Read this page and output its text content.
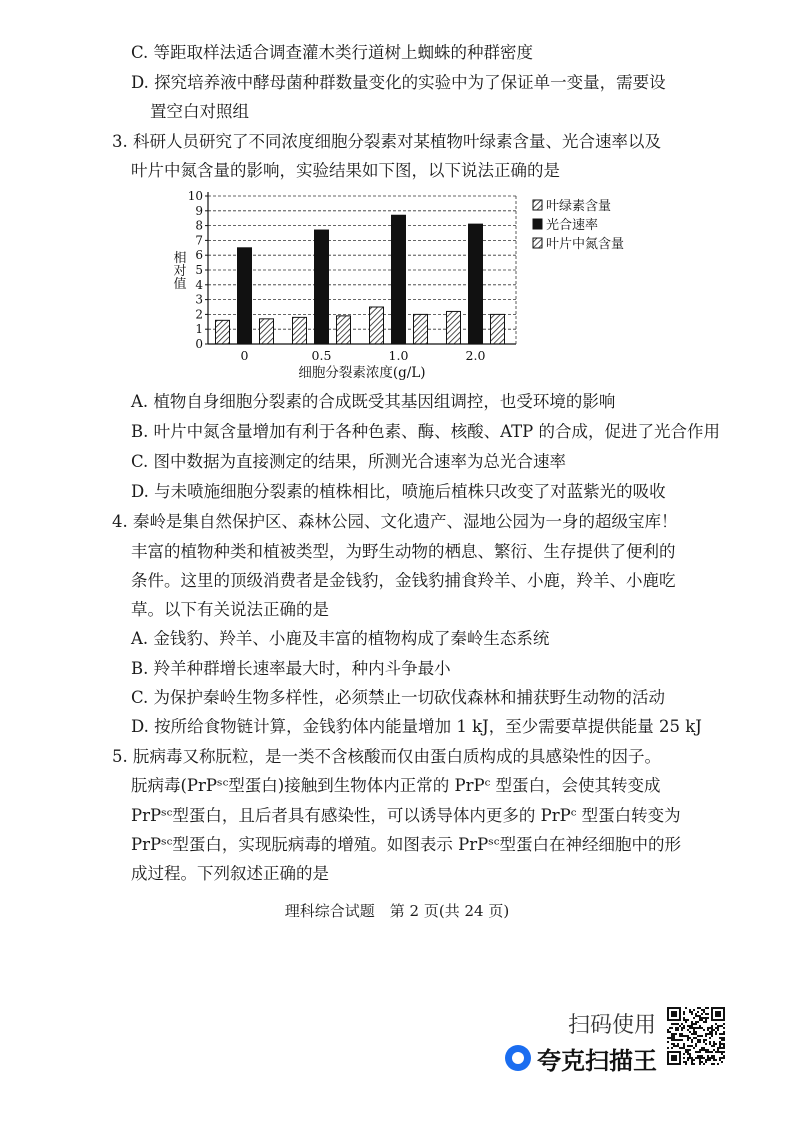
C. 等距取样法适合调查灌木类行道树上蜘蛛的种群密度
D. 探究培养液中酵母菌种群数量变化的实验中为了保证单一变量，需要设
置空白对照组
3. 科研人员研究了不同浓度细胞分裂素对某植物叶绿素含量、光合速率以及
叶片中氮含量的影响，实验结果如下图，以下说法正确的是
A. 植物自身细胞分裂素的合成既受其基因组调控，也受环境的影响
B. 叶片中氮含量增加有利于各种色素、酶、核酸、ATP 的合成，促进了光合作用
C. 图中数据为直接测定的结果，所测光合速率为总光合速率
D. 与未喷施细胞分裂素的植株相比，喷施后植株只改变了对蓝紫光的吸收
4. 秦岭是集自然保护区、森林公园、文化遗产、湿地公园为一身的超级宝库！
丰富的植物种类和植被类型，为野生动物的栖息、繁衍、生存提供了便利的
条件。这里的顶级消费者是金钱豹，金钱豹捕食羚羊、小鹿，羚羊、小鹿吃
草。以下有关说法正确的是
A. 金钱豹、羚羊、小鹿及丰富的植物构成了秦岭生态系统
B. 羚羊种群增长速率最大时，种内斗争最小
C. 为保护秦岭生物多样性，必须禁止一切砍伐森林和捕获野生动物的活动
D. 按所给食物链计算，金钱豹体内能量增加 1 kJ，至少需要草提供能量 25 kJ
5. 朊病毒又称朊粒，是一类不含核酸而仅由蛋白质构成的具感染性的因子。
朊病毒(PrPˢᶜ型蛋白)接触到生物体内正常的 PrPᶜ 型蛋白，会使其转变成
PrPˢᶜ型蛋白，且后者具有感染性，可以诱导体内更多的 PrPᶜ 型蛋白转变为
PrPˢᶜ型蛋白，实现朊病毒的增殖。如图表示 PrPˢᶜ型蛋白在神经细胞中的形
成过程。下列叙述正确的是
0
1
2
3
4
5
6
7
8
9
10
相对值
0	0.5	1.0	2.0
细胞分裂素浓度(g/L)
叶绿素含量
光合速率
叶片中氮含量
理科综合试题　第 2 页(共 24 页)
扫码使用
夸克扫描王
